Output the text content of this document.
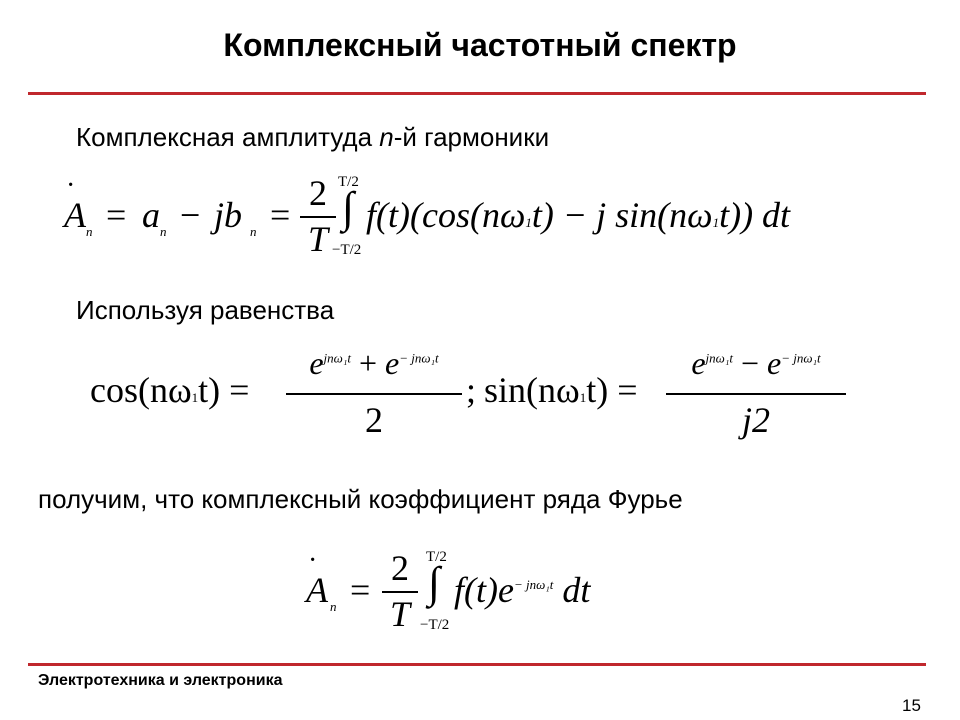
Комплексный частотный спектр
Комплексная амплитуда n-й гармоники
·
A n = a n − jb n =
2
T
T/2
∫
−T/2
f(t)(cos(nω1t) − j sin(nω1t)) dt
Используя равенства
cos(nω1t) =
$e^{jn\omega_1t} + e^{- jn\omega_1t}$
2
; sin(nω1t) =
$e^{jn\omega_1t} - e^{- jn\omega_1t}$
j2
получим, что комплексный коэффициент ряда Фурье
·
A n =
2
T
T/2
∫
−T/2
$f(t)e^{- jn\omega_1t}$ dt
Электротехника и электроника
15
